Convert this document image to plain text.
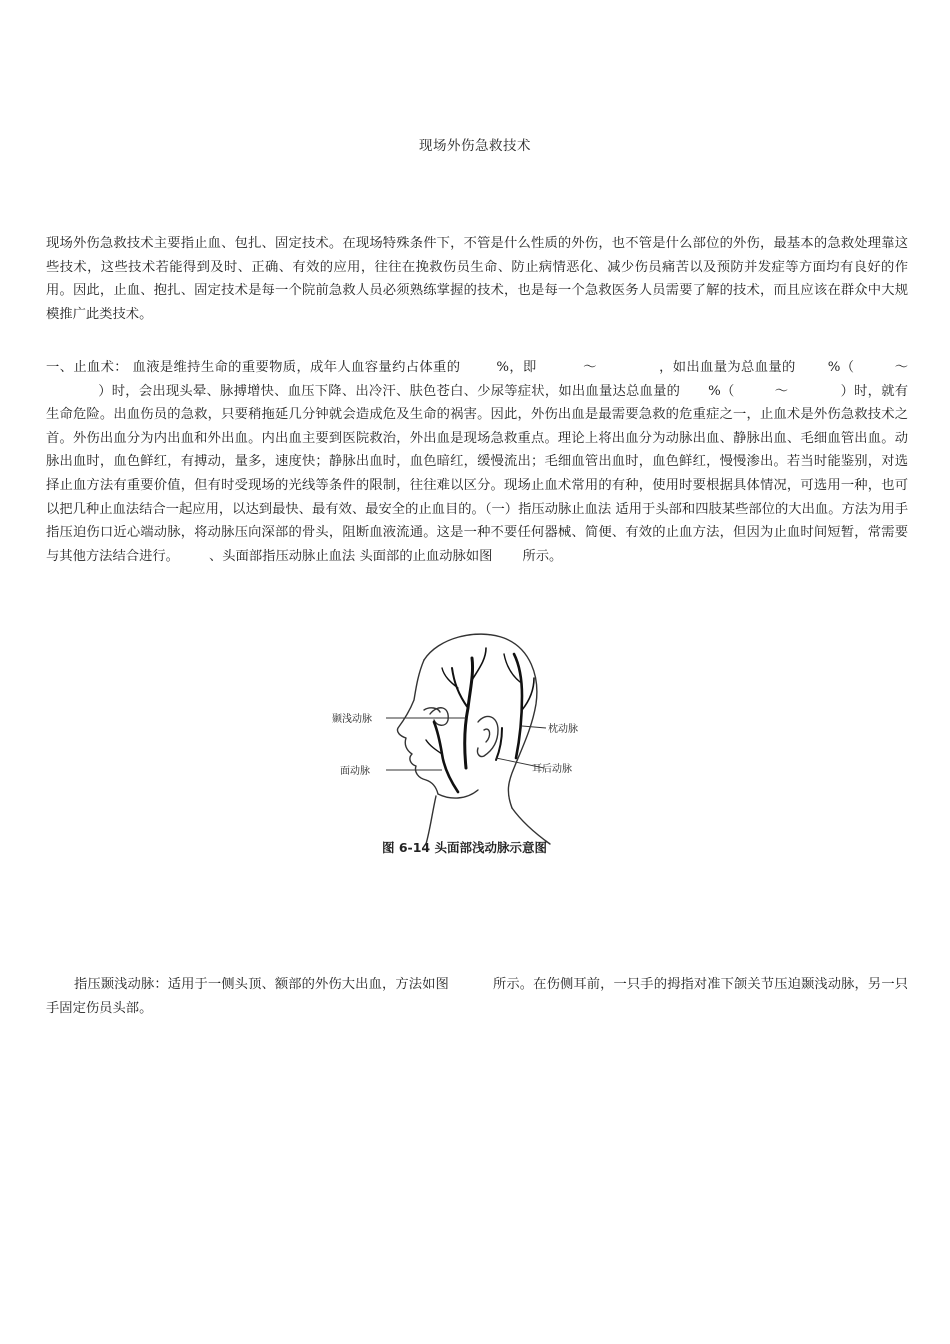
现场外伤急救技术

现场外伤急救技术主要指止血、包扎、固定技术。在现场特殊条件下，不管是什么性质的外伤，也不管是什么部位的外伤，最基本的急救处理靠这些技术，这些技术若能得到及时、正确、有效的应用，往往在挽救伤员生命、防止病情恶化、减少伤员痛苦以及预防并发症等方面均有良好的作用。因此，止血、抱扎、固定技术是每一个院前急救人员必须熟练掌握的技术，也是每一个急救医务人员需要了解的技术，而且应该在群众中大规模推广此类技术。

一、止血术： 血液是维持生命的重要物质，成年人血容量约占体重的	%，即	～	，如出血量为总血量的 %（	～）时，会出现头晕、脉搏增快、血压下降、出冷汗、肤色苍白、少尿等症状，如出血量达总血量的 %（	～	）时，就有生命危险。出血伤员的急救，只要稍拖延几分钟就会造成危及生命的祸害。因此，外伤出血是最需要急救的危重症之一，止血术是外伤急救技术之首。外伤出血分为内出血和外出血。内出血主要到医院救治，外出血是现场急救重点。理论上将出血分为动脉出血、静脉出血、毛细血管出血。动脉出血时，血色鲜红，有搏动，量多，速度快；静脉出血时，血色暗红，缓慢流出；毛细血管出血时，血色鲜红，慢慢渗出。若当时能鉴别，对选择止血方法有重要价值，但有时受现场的光线等条件的限制，往往难以区分。现场止血术常用的有种，使用时要根据具体情况，可选用一种，也可以把几种止血法结合一起应用，以达到最快、最有效、最安全的止血目的。（一）指压动脉止血法 适用于头部和四肢某些部位的大出血。方法为用手指压迫伤口近心端动脉，将动脉压向深部的骨头，阻断血液流通。这是一种不要任何器械、简便、有效的止血方法，但因为止血时间短暂，常需要与其他方法结合进行。 、头面部指压动脉止血法 头面部的止血动脉如图 所示。

颞浅动脉
枕动脉
面动脉	耳后动脉
图 6-14 头面部浅动脉示意图

指压颞浅动脉：适用于一侧头顶、额部的外伤大出血，方法如图	所示。在伤侧耳前，一只手的拇指对准下颌关节压迫颞浅动脉，另一只手固定伤员头部。
